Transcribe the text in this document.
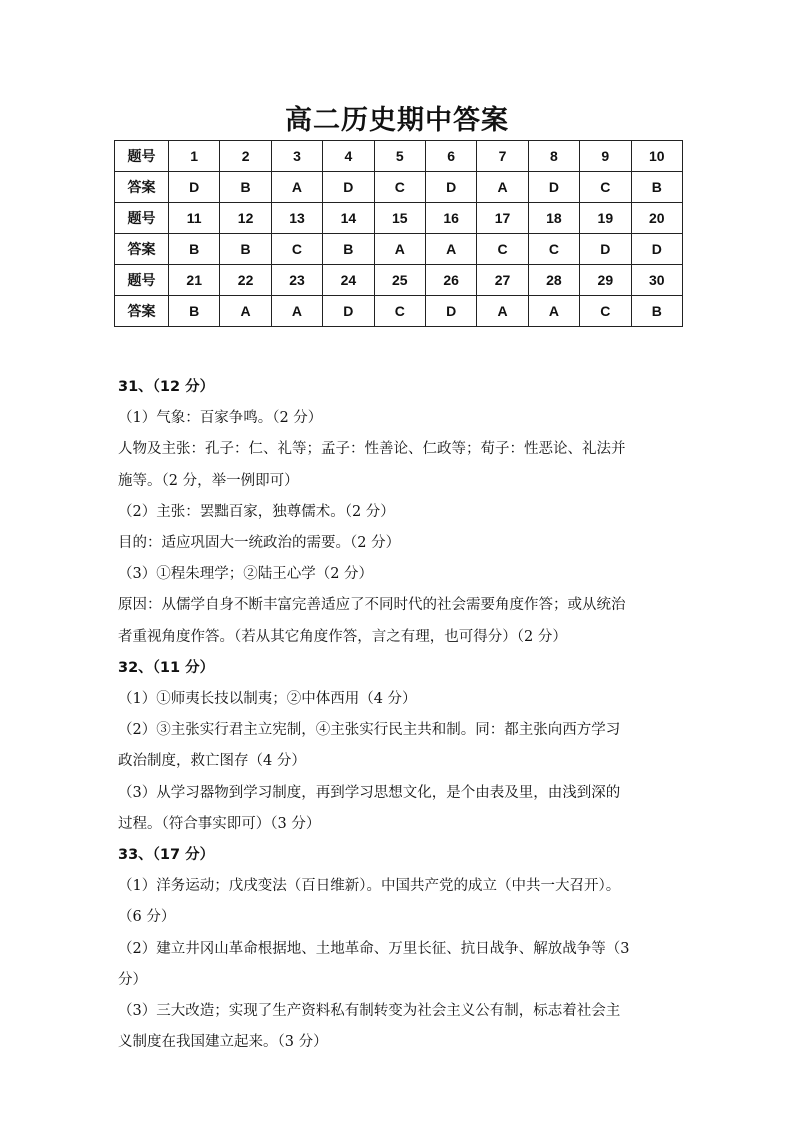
高二历史期中答案
题号	1	2	3	4	5	6	7	8	9	10
答案	D	B	A	D	C	D	A	D	C	B
题号	11	12	13	14	15	16	17	18	19	20
答案	B	B	C	B	A	A	C	C	D	D
题号	21	22	23	24	25	26	27	28	29	30
答案	B	A	A	D	C	D	A	A	C	B

31、（12 分）

（1）气象：百家争鸣。（2 分）

人物及主张：孔子：仁、礼等；孟子：性善论、仁政等；荀子：性恶论、礼法并

施等。（2 分，举一例即可）

（2）主张：罢黜百家，独尊儒术。（2 分）

目的：适应巩固大一统政治的需要。（2 分）

（3）①程朱理学；②陆王心学（2 分）

原因：从儒学自身不断丰富完善适应了不同时代的社会需要角度作答；或从统治

者重视角度作答。（若从其它角度作答，言之有理，也可得分）（2 分）

32、（11 分）

（1）①师夷长技以制夷；②中体西用（4 分）

（2）③主张实行君主立宪制，④主张实行民主共和制。同：都主张向西方学习

政治制度，救亡图存（4 分）

（3）从学习器物到学习制度，再到学习思想文化，是个由表及里，由浅到深的

过程。（符合事实即可）（3 分）

33、（17 分）

（1）洋务运动；戊戌变法（百日维新）。中国共产党的成立（中共一大召开）。

（6 分）

（2）建立井冈山革命根据地、土地革命、万里长征、抗日战争、解放战争等（3

分）

（3）三大改造；实现了生产资料私有制转变为社会主义公有制，标志着社会主

义制度在我国建立起来。（3 分）
